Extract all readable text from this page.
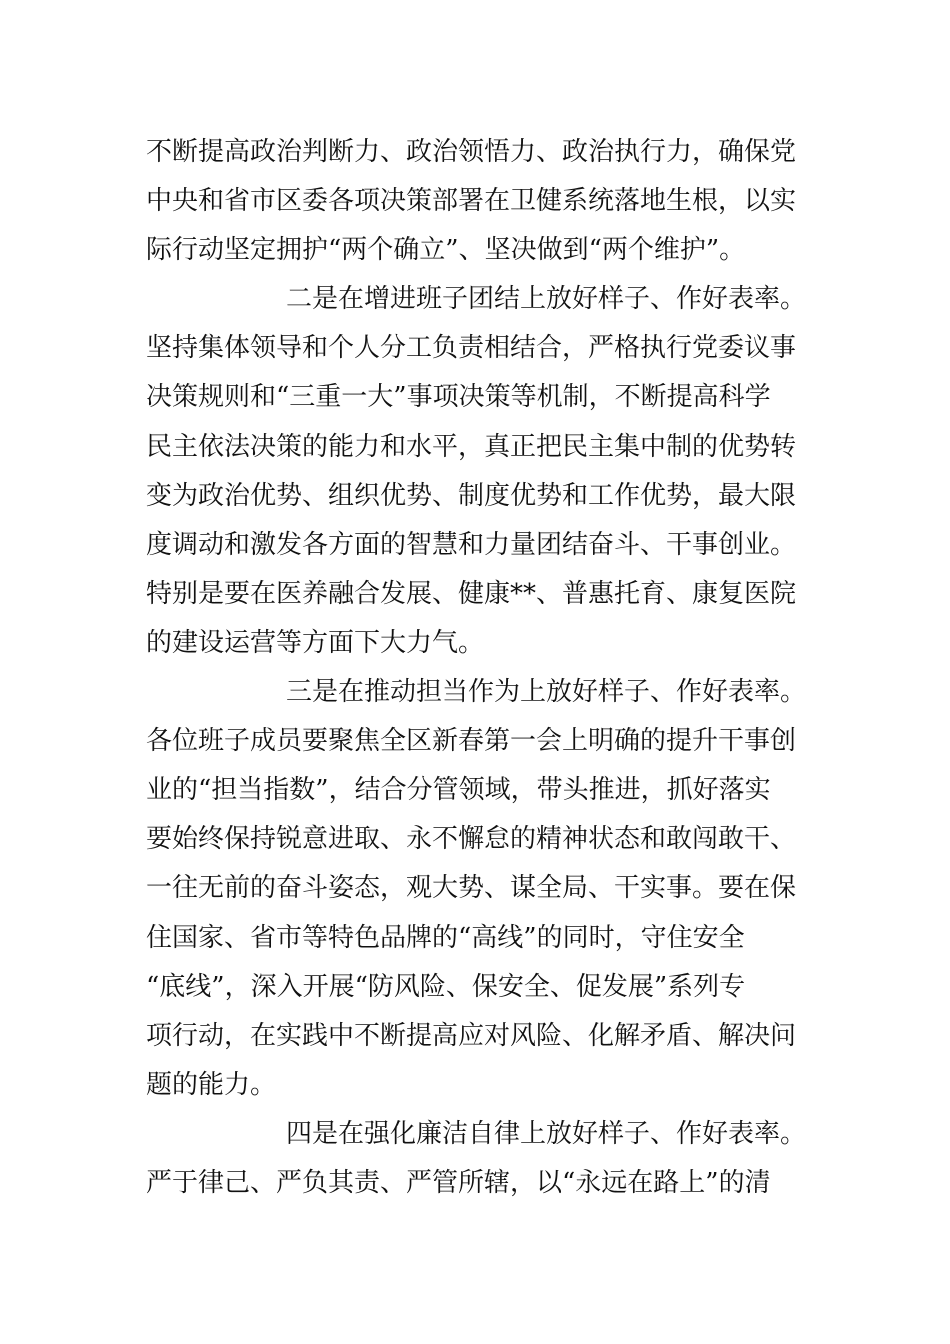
不断提高政治判断力、政治领悟力、政治执行力，确保党
中央和省市区委各项决策部署在卫健系统落地生根，以实
际行动坚定拥护“两个确立”、坚决做到“两个维护”。
二是在增进班子团结上放好样子、作好表率。
坚持集体领导和个人分工负责相结合，严格执行党委议事
决策规则和“三重一大”事项决策等机制，不断提高科学
民主依法决策的能力和水平，真正把民主集中制的优势转
变为政治优势、组织优势、制度优势和工作优势，最大限
度调动和激发各方面的智慧和力量团结奋斗、干事创业。
特别是要在医养融合发展、健康**、普惠托育、康复医院
的建设运营等方面下大力气。
三是在推动担当作为上放好样子、作好表率。
各位班子成员要聚焦全区新春第一会上明确的提升干事创
业的“担当指数”，结合分管领域，带头推进，抓好落实
要始终保持锐意进取、永不懈怠的精神状态和敢闯敢干、
一往无前的奋斗姿态，观大势、谋全局、干实事。要在保
住国家、省市等特色品牌的“高线”的同时，守住安全
“底线”，深入开展“防风险、保安全、促发展”系列专
项行动，在实践中不断提高应对风险、化解矛盾、解决问
题的能力。
四是在强化廉洁自律上放好样子、作好表率。
严于律己、严负其责、严管所辖，以“永远在路上”的清
